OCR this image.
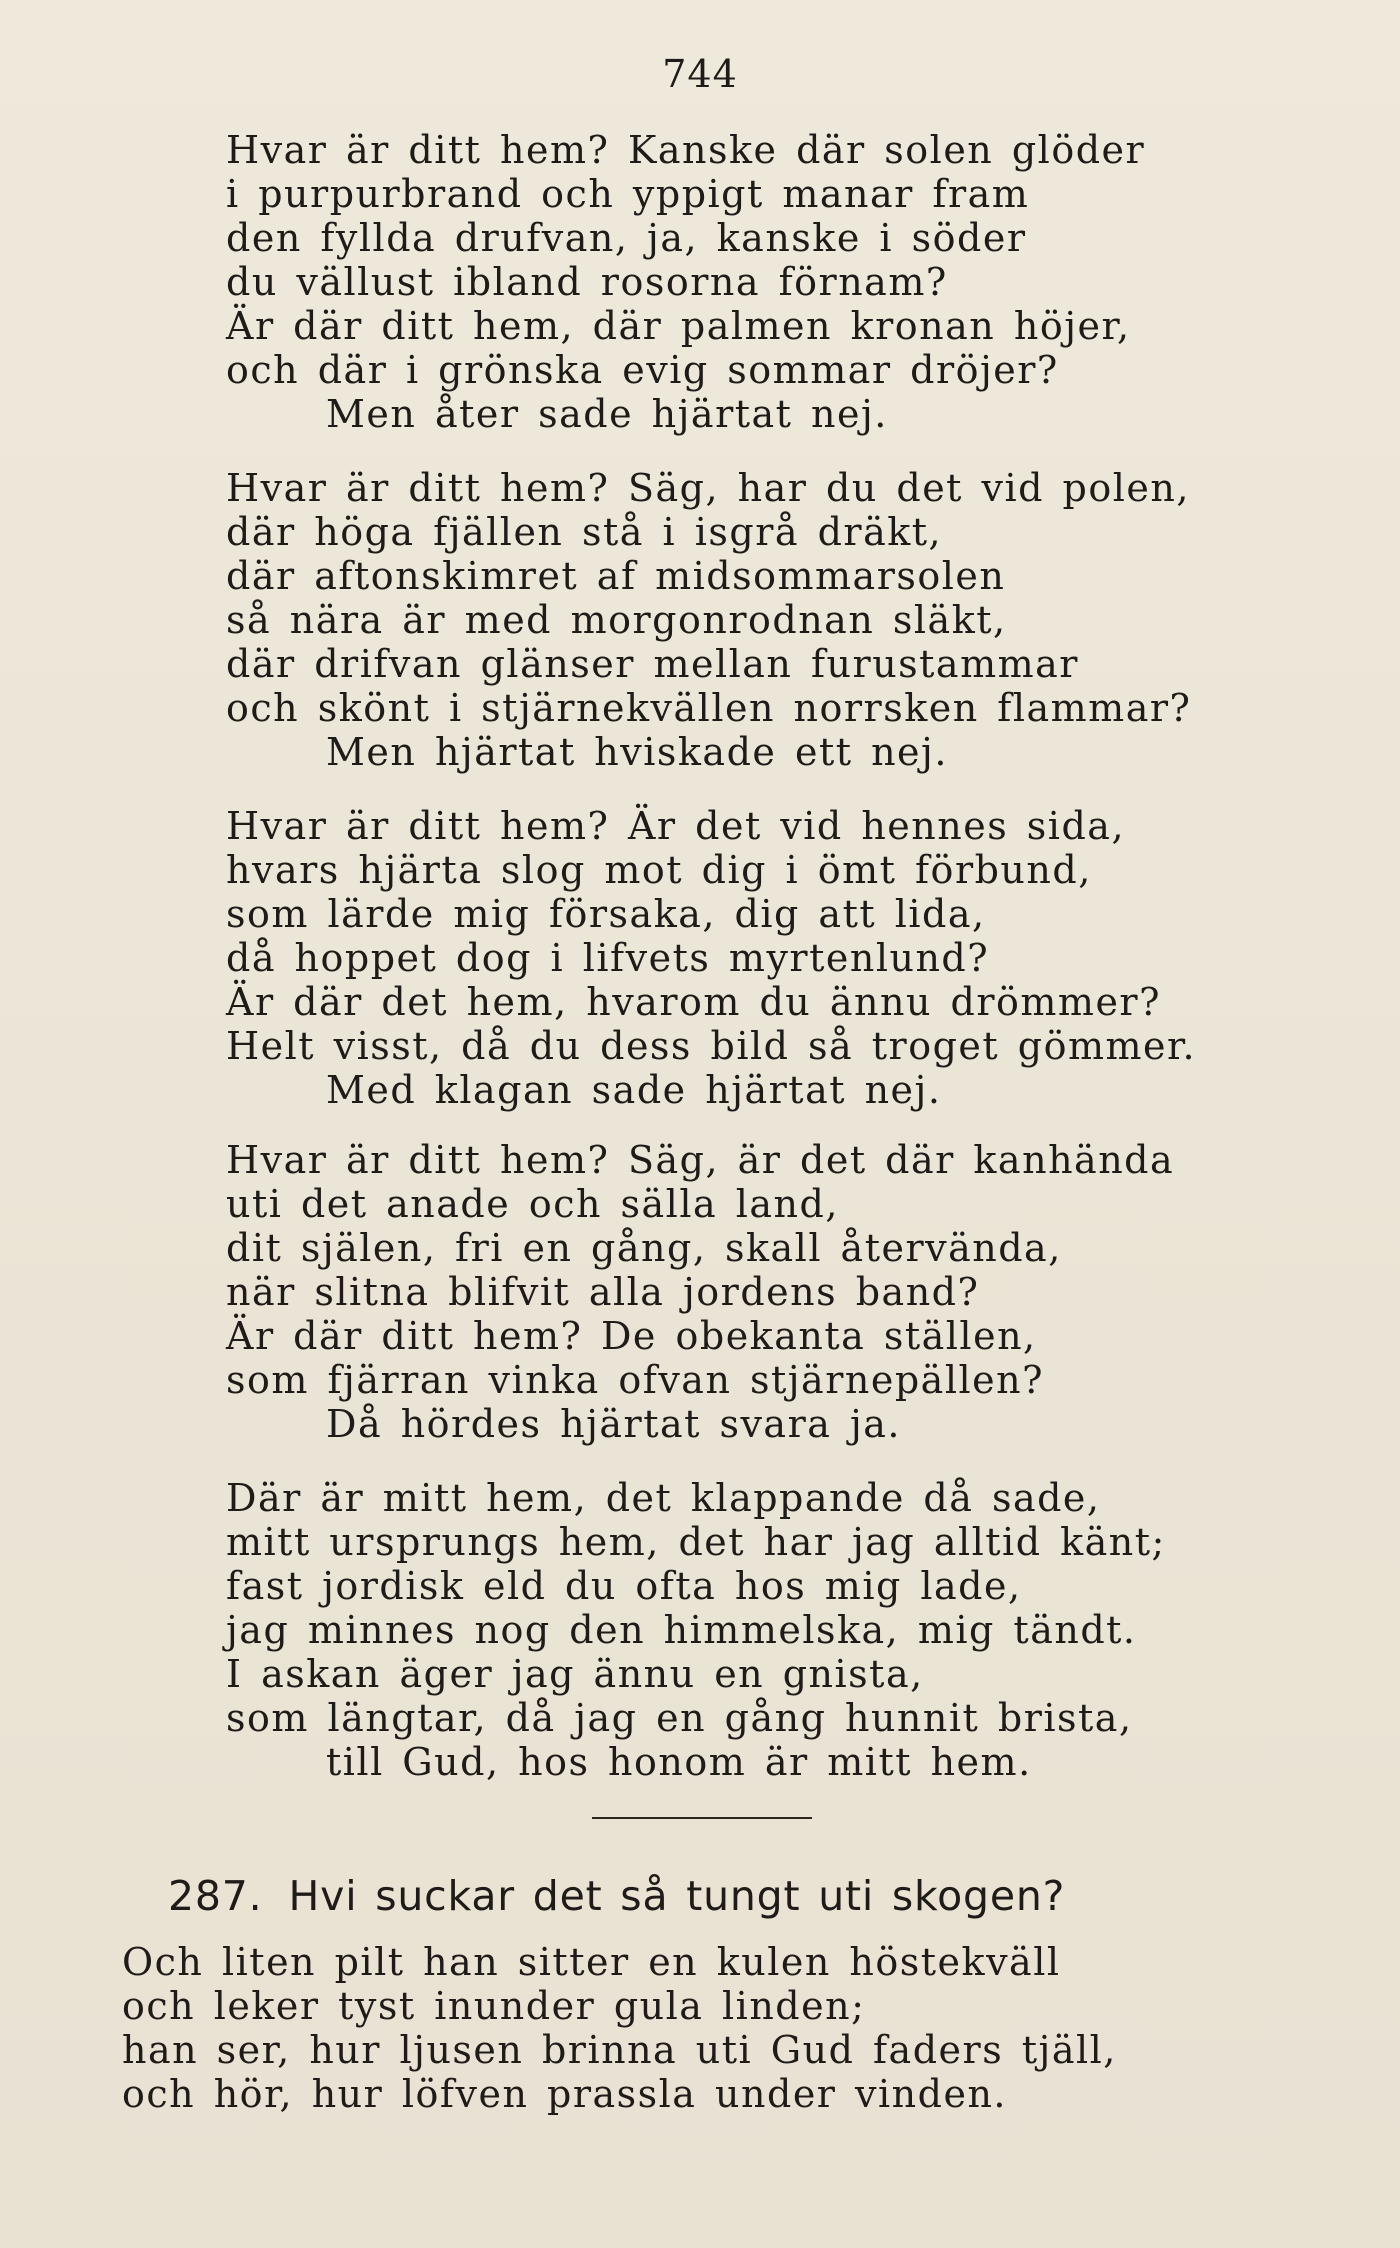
744
Hvar är ditt hem? Kanske där solen glöder
i purpurbrand och yppigt manar fram
den fyllda drufvan, ja, kanske i söder
du vällust ibland rosorna förnam?
Är där ditt hem, där palmen kronan höjer,
och där i grönska evig sommar dröjer?
Men åter sade hjärtat nej.
Hvar är ditt hem? Säg, har du det vid polen,
där höga fjällen stå i isgrå dräkt,
där aftonskimret af midsommarsolen
så nära är med morgonrodnan släkt,
där drifvan glänser mellan furustammar
och skönt i stjärnekvällen norrsken flammar?
Men hjärtat hviskade ett nej.
Hvar är ditt hem? Är det vid hennes sida,
hvars hjärta slog mot dig i ömt förbund,
som lärde mig försaka, dig att lida,
då hoppet dog i lifvets myrtenlund?
Är där det hem, hvarom du ännu drömmer?
Helt visst, då du dess bild så troget gömmer.
Med klagan sade hjärtat nej.
Hvar är ditt hem? Säg, är det där kanhända
uti det anade och sälla land,
dit själen, fri en gång, skall återvända,
när slitna blifvit alla jordens band?
Är där ditt hem? De obekanta ställen,
som fjärran vinka ofvan stjärnepällen?
Då hördes hjärtat svara ja.
Där är mitt hem, det klappande då sade,
mitt ursprungs hem, det har jag alltid känt;
fast jordisk eld du ofta hos mig lade,
jag minnes nog den himmelska, mig tändt.
I askan äger jag ännu en gnista,
som längtar, då jag en gång hunnit brista,
till Gud, hos honom är mitt hem.
287. Hvi suckar det så tungt uti skogen?
Och liten pilt han sitter en kulen höstekväll
och leker tyst inunder gula linden;
han ser, hur ljusen brinna uti Gud faders tjäll,
och hör, hur löfven prassla under vinden.
